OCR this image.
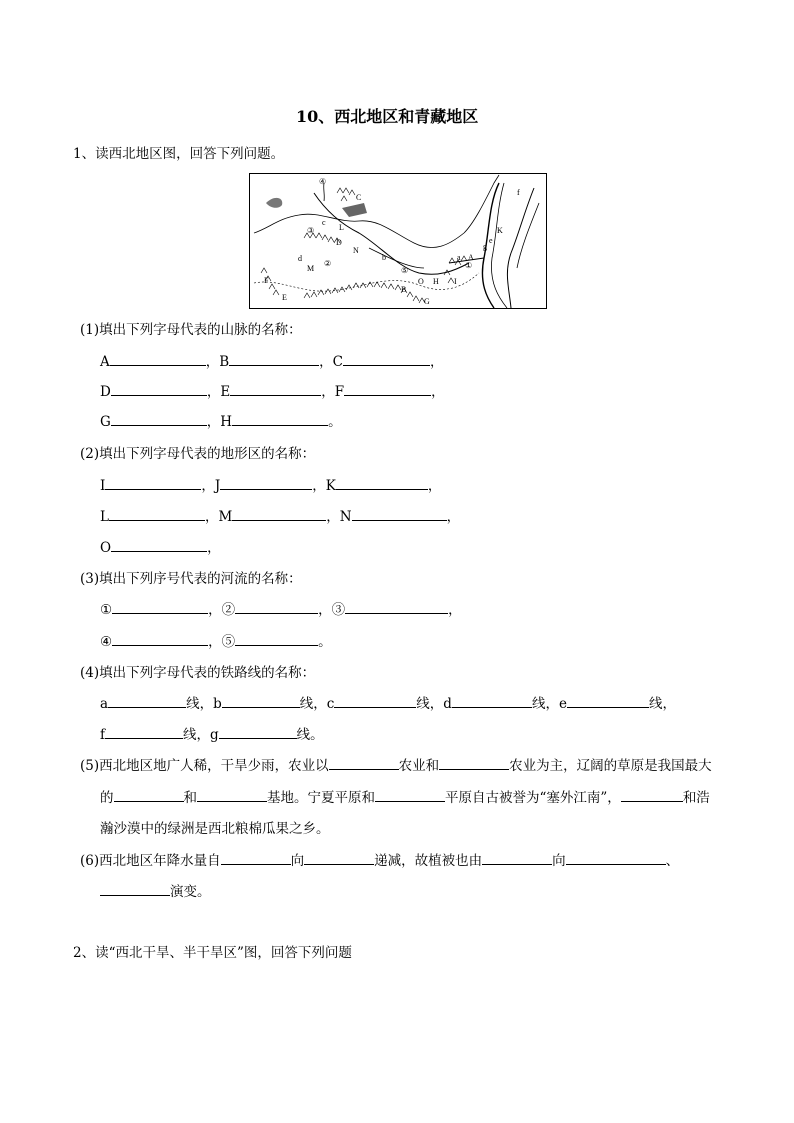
10、西北地区和青藏地区
1、读西北地区图，回答下列问题。
④
C
c
L
③
D
N
d
②
M
b
⑤
K
f
e
g
A
①
O H I
B
F
E	G
a
(1)填出下列字母代表的山脉的名称：
A	，B	，C	，
D	，E	，F	，
G	，H	。
(2)填出下列字母代表的地形区的名称：
I	，J	，K	，
L	，M	，N	，
O	，
(3)填出下列序号代表的河流的名称：
①	，②	，③	，
④	，⑤	。
(4)填出下列字母代表的铁路线的名称：
a	线，b	线，c	线，d	线，e	线，
f	线，g	线。
(5)西北地区地广人稀，干旱少雨，农业以	农业和	农业为主，辽阔的草原是我国最大
的	和	基地。宁夏平原和	平原自古被誉为“塞外江南”，	和浩
瀚沙漠中的绿洲是西北粮棉瓜果之乡。
(6)西北地区年降水量自	向	递减，故植被也由	向	、
演变。
2、读“西北干旱、半干旱区”图，回答下列问题
